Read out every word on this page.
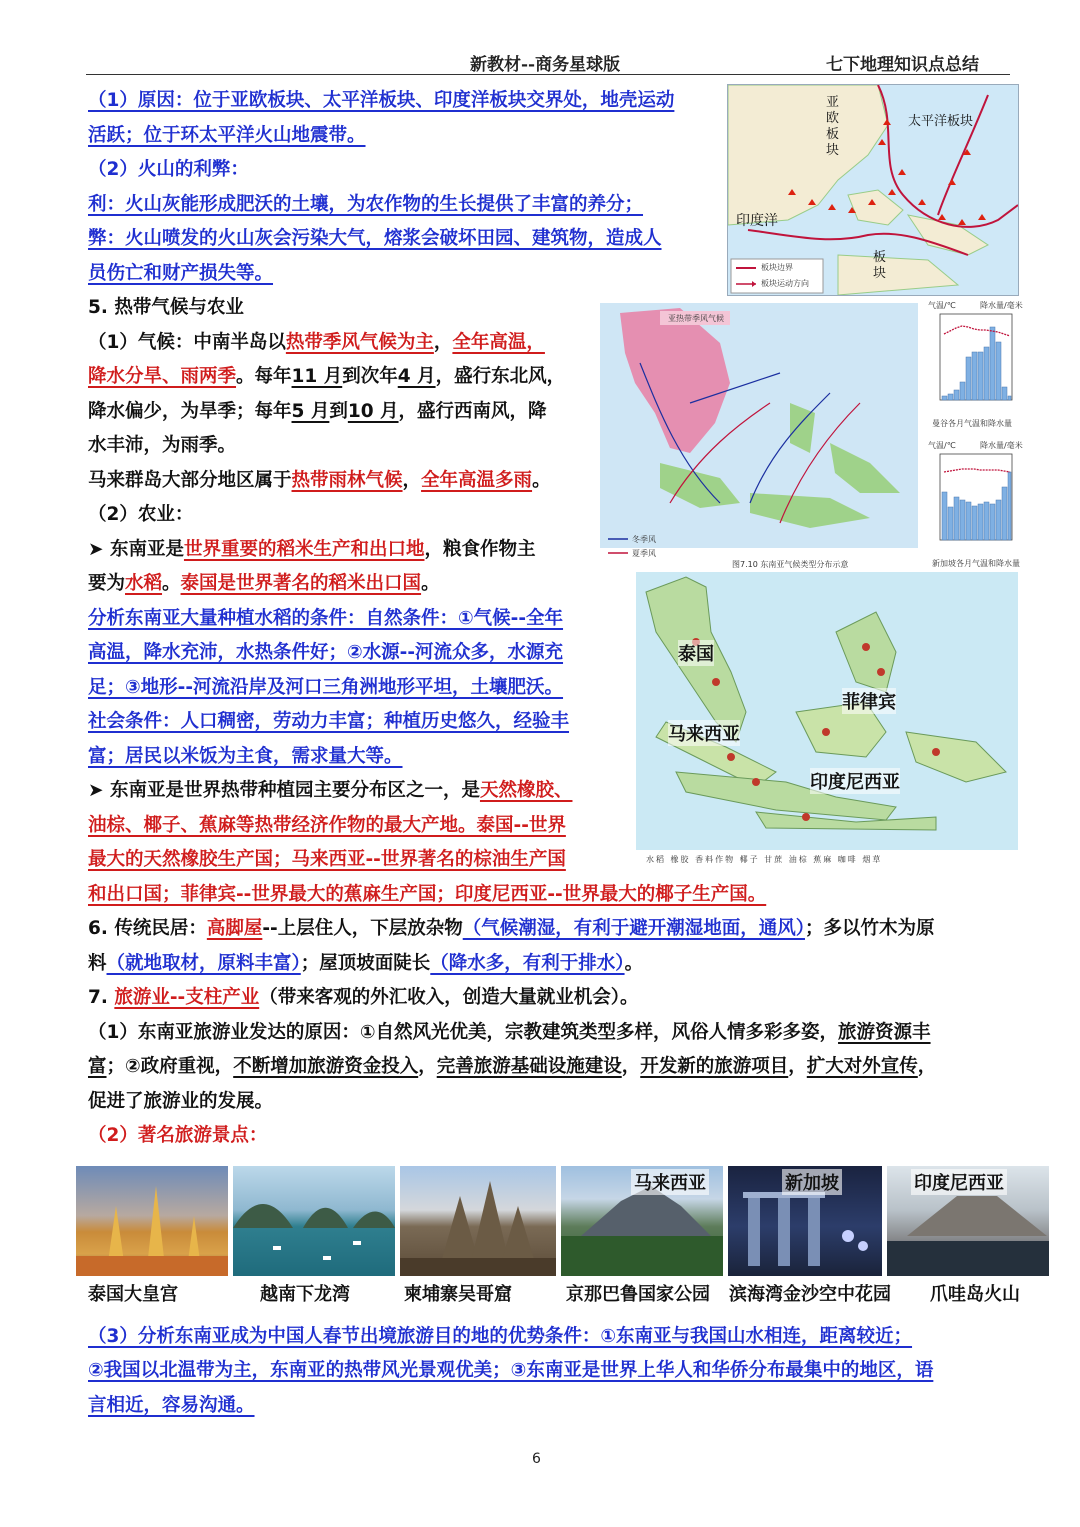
新教材--商务星球版	七下地理知识点总结
（1）原因：位于亚欧板块、太平洋板块、印度洋板块交界处，地壳运动
活跃；位于环太平洋火山地震带。
（2）火山的利弊：
利：火山灰能形成肥沃的土壤，为农作物的生长提供了丰富的养分；
弊：火山喷发的火山灰会污染大气，熔浆会破坏田园、建筑物，造成人
员伤亡和财产损失等。
5. 热带气候与农业
（1）气候：中南半岛以热带季风气候为主，全年高温，
降水分旱、雨两季。每年11 月到次年4 月，盛行东北风，
降水偏少，为旱季；每年5 月到10 月，盛行西南风，降
水丰沛，为雨季。
马来群岛大部分地区属于热带雨林气候，全年高温多雨。
（2）农业：
➤ 东南亚是世界重要的稻米生产和出口地，粮食作物主
要为水稻。泰国是世界著名的稻米出口国。
分析东南亚大量种植水稻的条件：自然条件：①气候--全年
高温，降水充沛，水热条件好；②水源--河流众多，水源充
足；③地形--河流沿岸及河口三角洲地形平坦，土壤肥沃。
社会条件：人口稠密，劳动力丰富；种植历史悠久，经验丰
富；居民以米饭为主食，需求量大等。
➤ 东南亚是世界热带种植园主要分布区之一，是天然橡胶、
油棕、椰子、蕉麻等热带经济作物的最大产地。泰国--世界
最大的天然橡胶生产国；马来西亚--世界著名的棕油生产国
和出口国；菲律宾--世界最大的蕉麻生产国；印度尼西亚--世界最大的椰子生产国。
6. 传统民居：高脚屋--上层住人，下层放杂物（气候潮湿，有利于避开潮湿地面，通风）；多以竹木为原
料（就地取材，原料丰富）；屋顶坡面陡长（降水多，有利于排水）。
7. 旅游业--支柱产业（带来客观的外汇收入，创造大量就业机会）。
（1）东南亚旅游业发达的原因：①自然风光优美，宗教建筑类型多样，风俗人情多彩多姿，旅游资源丰
富；②政府重视，不断增加旅游资金投入，完善旅游基础设施建设，开发新的旅游项目，扩大对外宣传，
促进了旅游业的发展。
（2）著名旅游景点：
（3）分析东南亚成为中国人春节出境旅游目的地的优势条件：①东南亚与我国山水相连，距离较近；
②我国以北温带为主，东南亚的热带风光景观优美；③东南亚是世界上华人和华侨分布最集中的地区，语
言相近，容易沟通。
板块边界
板块运动方向
亚欧板块
太平洋板块
印度洋
板块
亚热带季风气候
冬季风
夏季风
图7.10 东南亚气候类型分布示意
气温/℃	降水量/毫米
曼谷各月气温和降水量
气温/℃	降水量/毫米
新加坡各月气温和降水量
水稻 橡胶 香料作物 椰子 甘蔗 油棕 蕉麻 咖啡 烟草
泰国
菲律宾
马来西亚
印度尼西亚
马来西亚	新加坡	印度尼西亚
泰国大皇宫	越南下龙湾	柬埔寨吴哥窟	京那巴鲁国家公园 滨海湾金沙空中花园 爪哇岛火山
6
